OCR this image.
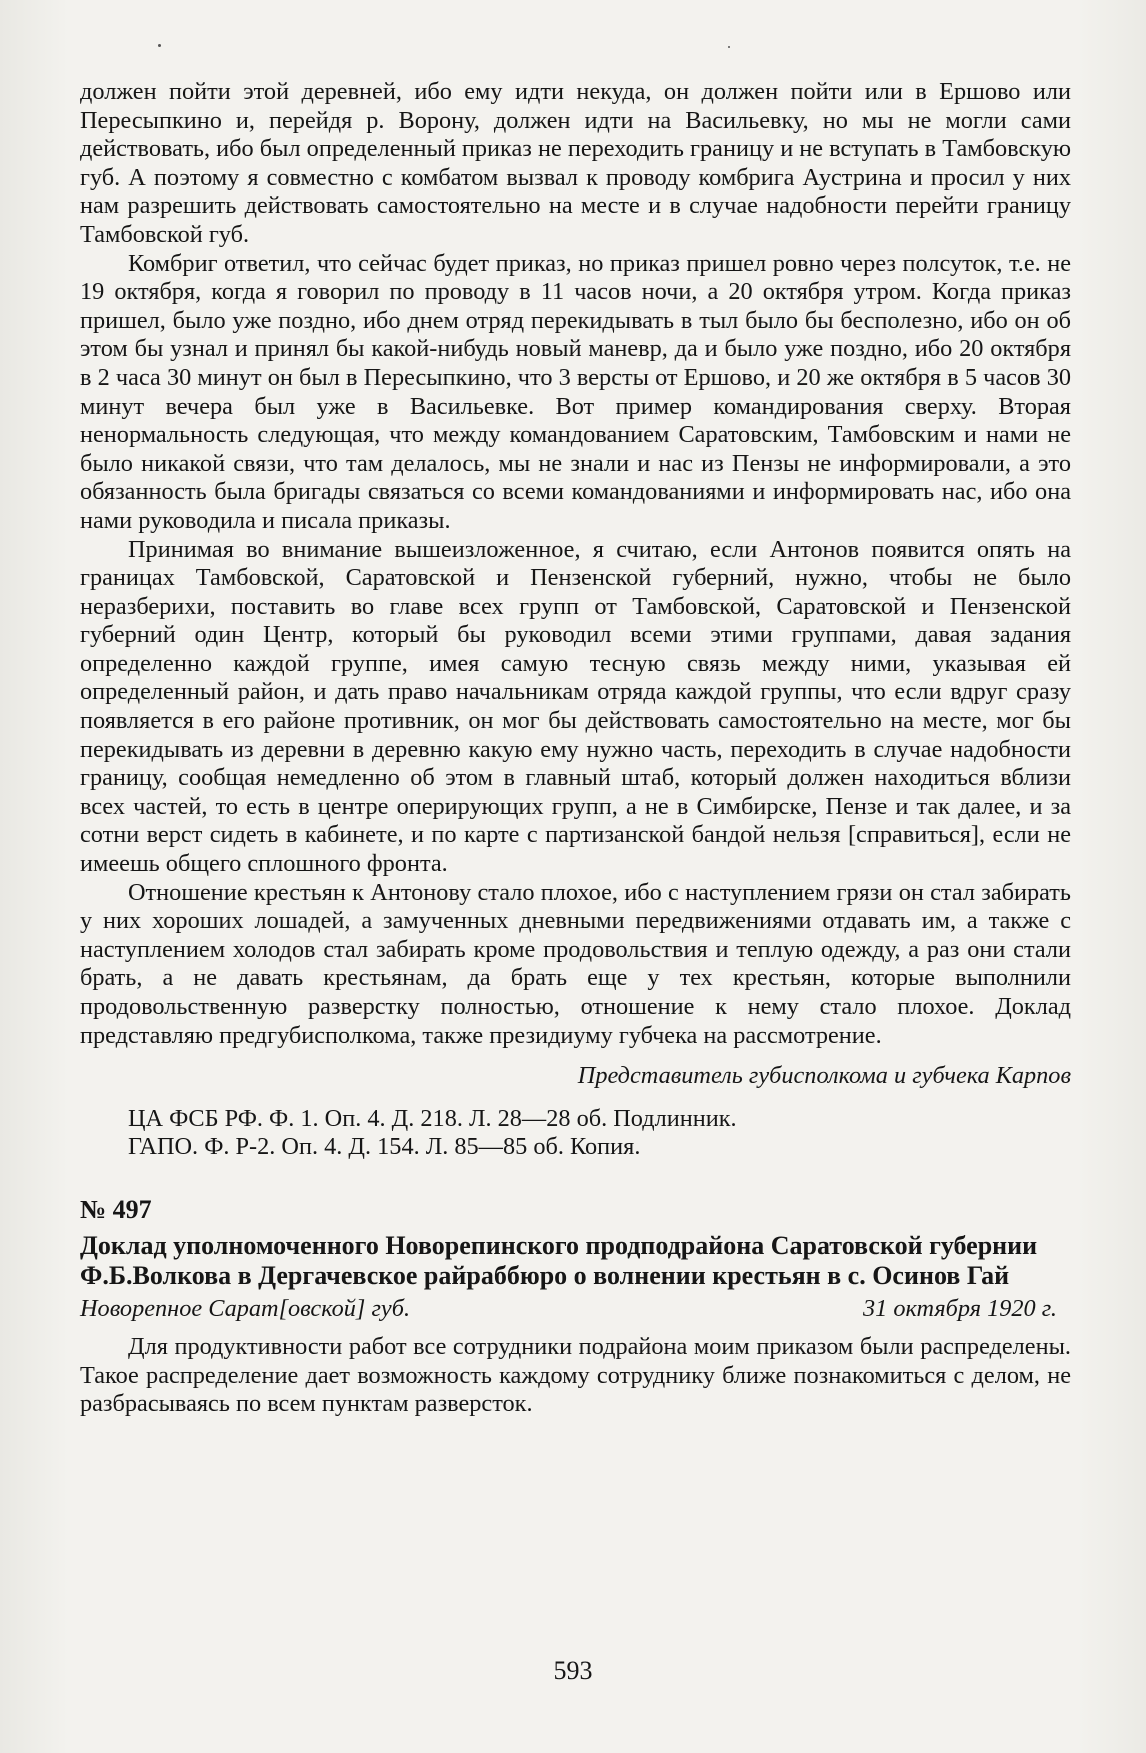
должен пойти этой деревней, ибо ему идти некуда, он должен пойти или в Ершово или Пересыпкино и, перейдя р. Ворону, должен идти на Васильевку, но мы не могли сами действовать, ибо был определенный приказ не переходить границу и не вступать в Тамбовскую губ. А поэтому я совместно с комбатом вызвал к проводу комбрига Аустрина и просил у них нам разрешить действовать самостоятельно на месте и в случае надобности перейти границу Тамбовской губ.

Комбриг ответил, что сейчас будет приказ, но приказ пришел ровно через полсуток, т.е. не 19 октября, когда я говорил по проводу в 11 часов ночи, а 20 октября утром. Когда приказ пришел, было уже поздно, ибо днем отряд перекидывать в тыл было бы бесполезно, ибо он об этом бы узнал и принял бы какой-нибудь новый маневр, да и было уже поздно, ибо 20 октября в 2 часа 30 минут он был в Пересыпкино, что 3 версты от Ершово, и 20 же октября в 5 часов 30 минут вечера был уже в Васильевке. Вот пример командирования сверху. Вторая ненормальность следующая, что между командованием Саратовским, Тамбовским и нами не было никакой связи, что там делалось, мы не знали и нас из Пензы не информировали, а это обязанность была бригады связаться со всеми командованиями и информировать нас, ибо она нами руководила и писала приказы.

Принимая во внимание вышеизложенное, я считаю, если Антонов появится опять на границах Тамбовской, Саратовской и Пензенской губерний, нужно, чтобы не было неразберихи, поставить во главе всех групп от Тамбовской, Саратовской и Пензенской губерний один Центр, который бы руководил всеми этими группами, давая задания определенно каждой группе, имея самую тесную связь между ними, указывая ей определенный район, и дать право начальникам отряда каждой группы, что если вдруг сразу появляется в его районе противник, он мог бы действовать самостоятельно на месте, мог бы перекидывать из деревни в деревню какую ему нужно часть, переходить в случае надобности границу, сообщая немедленно об этом в главный штаб, который должен находиться вблизи всех частей, то есть в центре оперирующих групп, а не в Симбирске, Пензе и так далее, и за сотни верст сидеть в кабинете, и по карте с партизанской бандой нельзя [справиться], если не имеешь общего сплошного фронта.

Отношение крестьян к Антонову стало плохое, ибо с наступлением грязи он стал забирать у них хороших лошадей, а замученных дневными передвижениями отдавать им, а также с наступлением холодов стал забирать кроме продовольствия и теплую одежду, а раз они стали брать, а не давать крестьянам, да брать еще у тех крестьян, которые выполнили продовольственную разверстку полностью, отношение к нему стало плохое. Доклад представляю предгубисполкома, также президиуму губчека на рассмотрение.

Представитель губисполкома и губчека Карпов

ЦА ФСБ РФ. Ф. 1. Оп. 4. Д. 218. Л. 28—28 об. Подлинник.

ГАПО. Ф. Р-2. Оп. 4. Д. 154. Л. 85—85 об. Копия.

№ 497
Доклад уполномоченного Новорепинского продподрайона Саратовской губернии Ф.Б.Волкова в Дергачевское райраббюро о волнении крестьян в с. Осинов Гай
Новорепное Сарат[овской] губ.	31 октября 1920 г.

Для продуктивности работ все сотрудники подрайона моим приказом были распределены. Такое распределение дает возможность каждому сотруднику ближе познакомиться с делом, не разбрасываясь по всем пунктам разверсток.

593
